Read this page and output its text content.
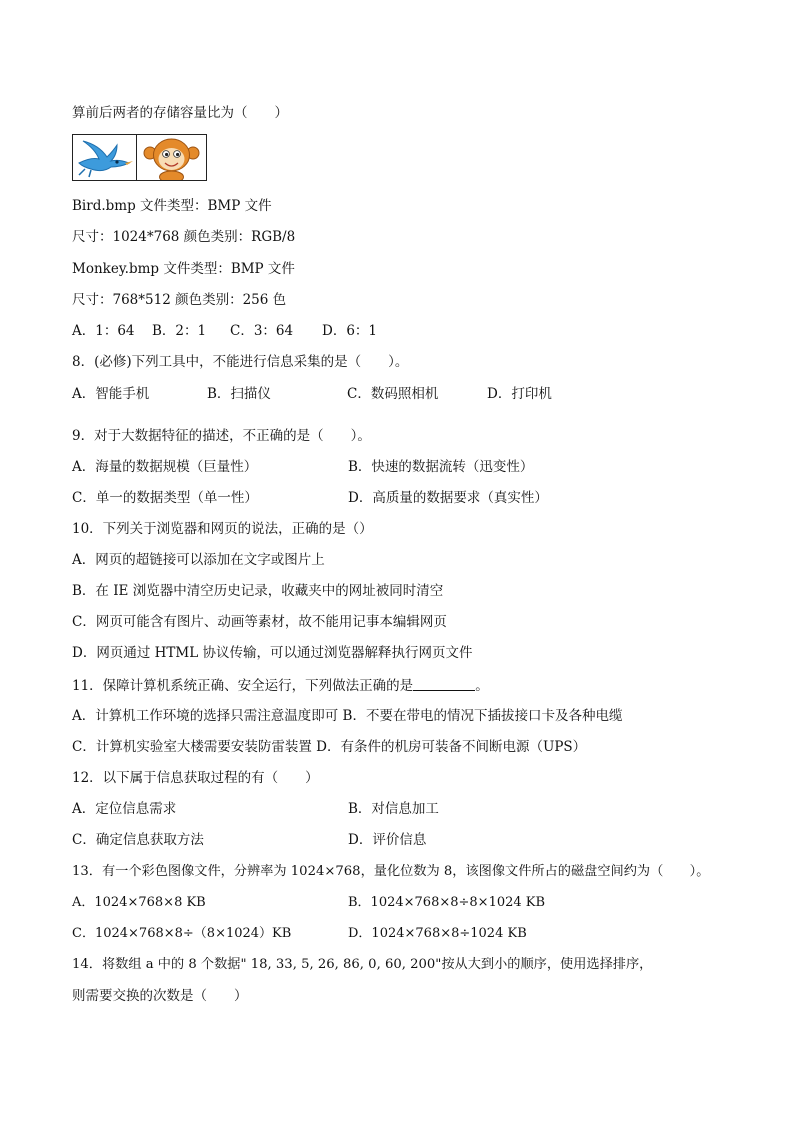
算前后两者的存储容量比为（　　）
Bird.bmp 文件类型：BMP 文件
尺寸：1024*768 颜色类别：RGB/8
Monkey.bmp 文件类型：BMP 文件
尺寸：768*512 颜色类别：256 色
A．1：64 B．2：1 C．3：64 D．6：1
8．(必修)下列工具中，不能进行信息采集的是（　　）。
A．智能手机	B．扫描仪	C．数码照相机	D．打印机
9．对于大数据特征的描述，不正确的是（　　）。
A．海量的数据规模（巨量性）	B．快速的数据流转（迅变性）
C．单一的数据类型（单一性）	D．高质量的数据要求（真实性）
10．下列关于浏览器和网页的说法，正确的是（）
A．网页的超链接可以添加在文字或图片上
B．在 IE 浏览器中清空历史记录，收藏夹中的网址被同时清空
C．网页可能含有图片、动画等素材，故不能用记事本编辑网页
D．网页通过 HTML 协议传输，可以通过浏览器解释执行网页文件
11．保障计算机系统正确、安全运行，下列做法正确的是	。
A．计算机工作环境的选择只需注意温度即可 B．不要在带电的情况下插拔接口卡及各种电缆
C．计算机实验室大楼需要安装防雷装置 D．有条件的机房可装备不间断电源（UPS）
12．以下属于信息获取过程的有（　　）
A．定位信息需求	B．对信息加工
C．确定信息获取方法	D．评价信息
13．有一个彩色图像文件，分辨率为 1024×768，量化位数为 8，该图像文件所占的磁盘空间约为（　　）。
A．1024×768×8 KB	B．1024×768×8÷8×1024 KB
C．1024×768×8÷（8×1024）KB	D．1024×768×8÷1024 KB
14．将数组 a 中的 8 个数据" 18, 33, 5, 26, 86, 0, 60, 200"按从大到小的顺序，使用选择排序，
则需要交换的次数是（　　）
